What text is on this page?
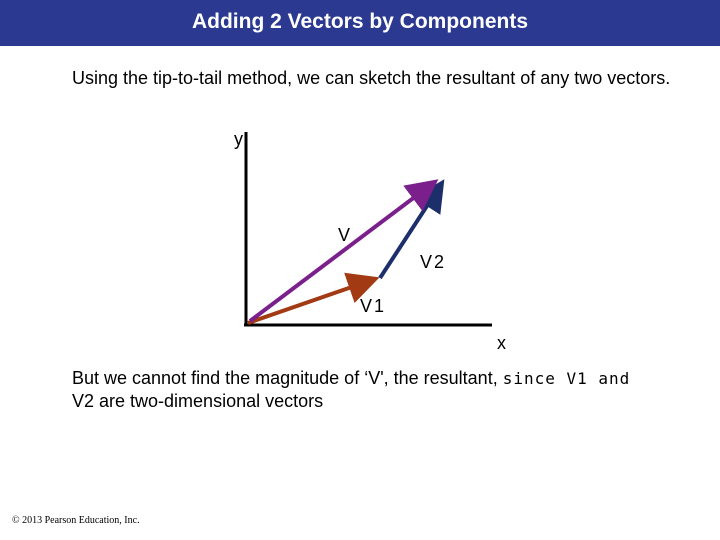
Adding 2 Vectors by Components
Using the tip-to-tail method, we can sketch the resultant of any two vectors.
y
x
V
V2
V1
But we cannot find the magnitude of ‘V', the resultant, since V1 and
V2 are two-dimensional vectors
© 2013 Pearson Education, Inc.
